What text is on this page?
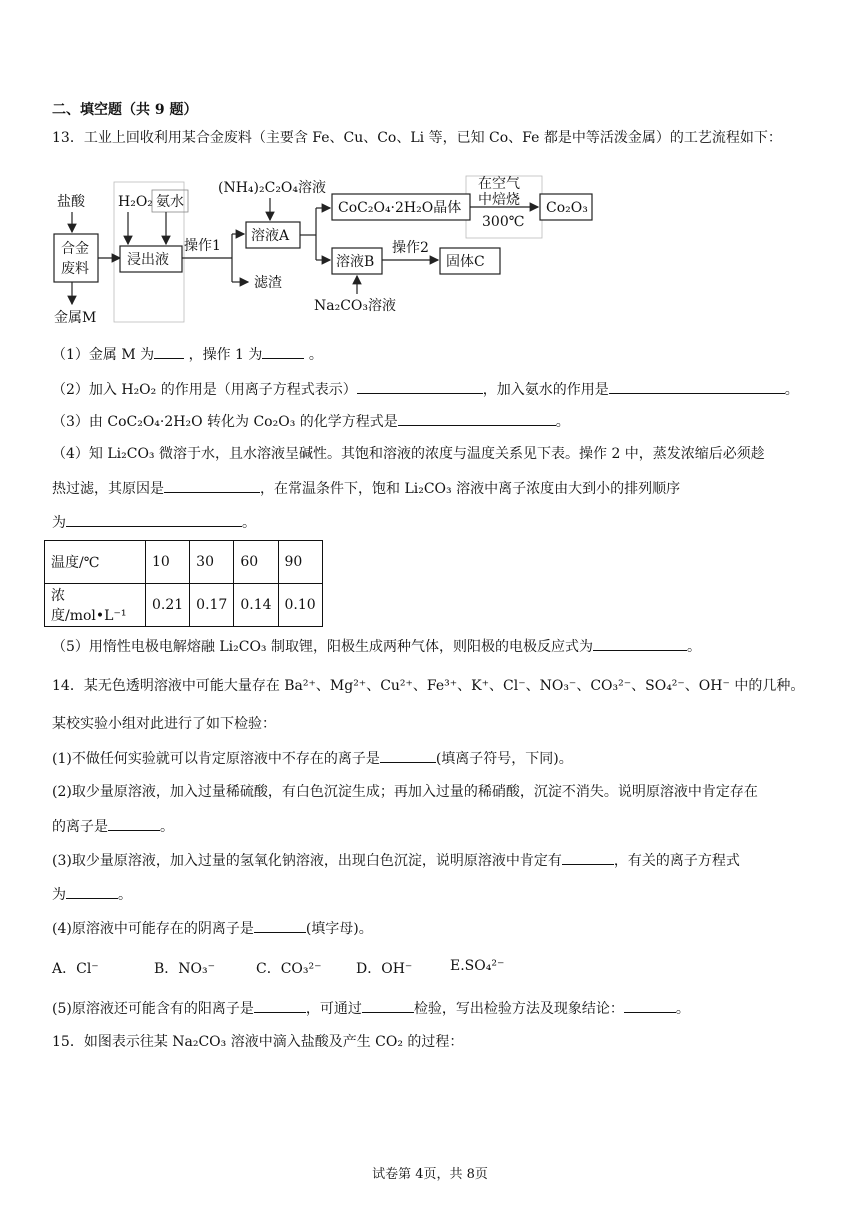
二、填空题（共 9 题）
13．工业上回收利用某合金废料（主要含 Fe、Cu、Co、Li 等，已知 Co、Fe 都是中等活泼金属）的工艺流程如下：
盐酸
合金
废料
金属M
H₂O₂ 氨水
浸出液
操作1
滤渣
(NH₄)₂C₂O₄溶液
溶液A
CoC₂O₄·2H₂O晶体
在空气
中焙烧
300℃
Co₂O₃
溶液B
操作2
固体C
Na₂CO₃溶液
（1）金属 M 为 ，操作 1 为	。
（2）加入 H₂O₂ 的作用是（用离子方程式表示）	，加入氨水的作用是	。
（3）由 CoC₂O₄·2H₂O 转化为 Co₂O₃ 的化学方程式是	。
（4）知 Li₂CO₃ 微溶于水，且水溶液呈碱性。其饱和溶液的浓度与温度关系见下表。操作 2 中，蒸发浓缩后必须趁
热过滤，其原因是	，在常温条件下，饱和 Li₂CO₃ 溶液中离子浓度由大到小的排列顺序
为	。
温度/℃	10	30	60	90
浓度/mol•L⁻¹	0.21	0.17	0.14	0.10
（5）用惰性电极电解熔融 Li₂CO₃ 制取锂，阳极生成两种气体，则阳极的电极反应式为	。
14．某无色透明溶液中可能大量存在 Ba²⁺、Mg²⁺、Cu²⁺、Fe³⁺、K⁺、Cl⁻、NO₃⁻、CO₃²⁻、SO₄²⁻、OH⁻ 中的几种。
某校实验小组对此进行了如下检验：
(1)不做任何实验就可以肯定原溶液中不存在的离子是	(填离子符号，下同)。
(2)取少量原溶液，加入过量稀硫酸，有白色沉淀生成；再加入过量的稀硝酸，沉淀不消失。说明原溶液中肯定存在
的离子是	。
(3)取少量原溶液，加入过量的氢氧化钠溶液，出现白色沉淀，说明原溶液中肯定有	，有关的离子方程式
为	。
(4)原溶液中可能存在的阴离子是	(填字母)。
A．Cl⁻	B．NO₃⁻	C．CO₃²⁻ D．OH⁻	E.SO₄²⁻
(5)原溶液还可能含有的阳离子是	，可通过	检验，写出检验方法及现象结论：	。
15．如图表示往某 Na₂CO₃ 溶液中滴入盐酸及产生 CO₂ 的过程：
试卷第 4页，共 8页
